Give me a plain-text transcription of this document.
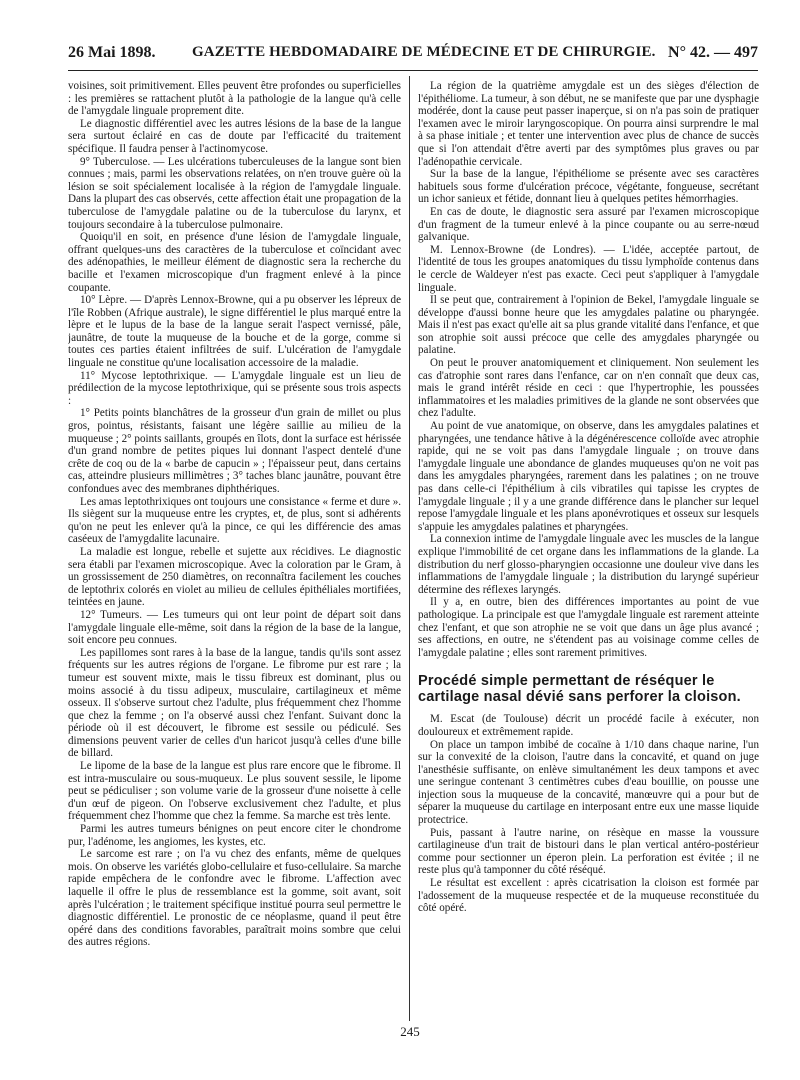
26 Mai 1898. GAZETTE HEBDOMADAIRE DE MÉDECINE ET DE CHIRURGIE. N° 42. — 497

voisines, soit primitivement. Elles peuvent être profondes ou superficielles : les premières se rattachent plutôt à la pathologie de la langue qu'à celle de l'amygdale linguale proprement dite.

Le diagnostic différentiel avec les autres lésions de la base de la langue sera surtout éclairé en cas de doute par l'efficacité du traitement spécifique. Il faudra penser à l'actinomycose.

9° Tuberculose. — Les ulcérations tuberculeuses de la langue sont bien connues ; mais, parmi les observations relatées, on n'en trouve guère où la lésion se soit spécialement localisée à la région de l'amygdale linguale. Dans la plupart des cas observés, cette affection était une propagation de la tuberculose de l'amygdale palatine ou de la tuberculose du larynx, et toujours secondaire à la tuberculose pulmonaire.

Quoiqu'il en soit, en présence d'une lésion de l'amygdale linguale, offrant quelques-uns des caractères de la tuberculose et coïncidant avec des adénopathies, le meilleur élément de diagnostic sera la recherche du bacille et l'examen microscopique d'un fragment enlevé à la pince coupante.

10° Lèpre. — D'après Lennox-Browne, qui a pu observer les lépreux de l'île Robben (Afrique australe), le signe différentiel le plus marqué entre la lèpre et le lupus de la base de la langue serait l'aspect vernissé, pâle, jaunâtre, de toute la muqueuse de la bouche et de la gorge, comme si toutes ces parties étaient infiltrées de suif. L'ulcération de l'amygdale linguale ne constitue qu'une localisation accessoire de la maladie.

11° Mycose leptothrixique. — L'amygdale linguale est un lieu de prédilection de la mycose leptothrixique, qui se présente sous trois aspects :

1° Petits points blanchâtres de la grosseur d'un grain de millet ou plus gros, pointus, résistants, faisant une légère saillie au milieu de la muqueuse ; 2° points saillants, groupés en îlots, dont la surface est hérissée d'un grand nombre de petites piques lui donnant l'aspect dentelé d'une crête de coq ou de la « barbe de capucin » ; l'épaisseur peut, dans certains cas, atteindre plusieurs millimètres ; 3° taches blanc jaunâtre, pouvant être confondues avec des membranes diphthériques.

Les amas leptothrixiques ont toujours une consistance « ferme et dure ». Ils siègent sur la muqueuse entre les cryptes, et, de plus, sont si adhérents qu'on ne peut les enlever qu'à la pince, ce qui les différencie des amas caséeux de l'amygdalite lacunaire.

La maladie est longue, rebelle et sujette aux récidives. Le diagnostic sera établi par l'examen microscopique. Avec la coloration par le Gram, à un grossissement de 250 diamètres, on reconnaîtra facilement les couches de leptothrix colorés en violet au milieu de cellules épithéliales mortifiées, teintées en jaune.

12° Tumeurs. — Les tumeurs qui ont leur point de départ soit dans l'amygdale linguale elle-même, soit dans la région de la base de la langue, soit encore peu connues.

Les papillomes sont rares à la base de la langue, tandis qu'ils sont assez fréquents sur les autres régions de l'organe. Le fibrome pur est rare ; la tumeur est souvent mixte, mais le tissu fibreux est dominant, plus ou moins associé à du tissu adipeux, musculaire, cartilagineux et même osseux. Il s'observe surtout chez l'adulte, plus fréquemment chez l'homme que chez la femme ; on l'a observé aussi chez l'enfant. Suivant donc la période où il est découvert, le fibrome est sessile ou pédiculé. Ses dimensions peuvent varier de celles d'un haricot jusqu'à celles d'une bille de billard.

Le lipome de la base de la langue est plus rare encore que le fibrome. Il est intra-musculaire ou sous-muqueux. Le plus souvent sessile, le lipome peut se pédiculiser ; son volume varie de la grosseur d'une noisette à celle d'un œuf de pigeon. On l'observe exclusivement chez l'adulte, et plus fréquemment chez l'homme que chez la femme. Sa marche est très lente.

Parmi les autres tumeurs bénignes on peut encore citer le chondrome pur, l'adénome, les angiomes, les kystes, etc.

Le sarcome est rare ; on l'a vu chez des enfants, même de quelques mois. On observe les variétés globo-cellulaire et fuso-cellulaire. Sa marche rapide empêchera de le confondre avec le fibrome. L'affection avec laquelle il offre le plus de ressemblance est la gomme, soit avant, soit après l'ulcération ; le traitement spécifique institué pourra seul permettre le diagnostic différentiel. Le pronostic de ce néoplasme, quand il peut être opéré dans des conditions favorables, paraîtrait moins sombre que celui des autres régions.

La région de la quatrième amygdale est un des sièges d'élection de l'épithéliome. La tumeur, à son début, ne se manifeste que par une dysphagie modérée, dont la cause peut passer inaperçue, si on n'a pas soin de pratiquer l'examen avec le miroir laryngoscopique. On pourra ainsi surprendre le mal à sa phase initiale ; et tenter une intervention avec plus de chance de succès que si l'on attendait d'être averti par des symptômes plus graves ou par l'adénopathie cervicale.

Sur la base de la langue, l'épithéliome se présente avec ses caractères habituels sous forme d'ulcération précoce, végétante, fongueuse, secrétant un ichor sanieux et fétide, donnant lieu à quelques petites hémorrhagies.

En cas de doute, le diagnostic sera assuré par l'examen microscopique d'un fragment de la tumeur enlevé à la pince coupante ou au serre-nœud galvanique.

M. Lennox-Browne (de Londres). — L'idée, acceptée partout, de l'identité de tous les groupes anatomiques du tissu lymphoïde contenus dans le cercle de Waldeyer n'est pas exacte. Ceci peut s'appliquer à l'amygdale linguale.

Il se peut que, contrairement à l'opinion de Bekel, l'amygdale linguale se développe d'aussi bonne heure que les amygdales palatine ou pharyngée. Mais il n'est pas exact qu'elle ait sa plus grande vitalité dans l'enfance, et que son atrophie soit aussi précoce que celle des amygdales pharyngée ou palatine.

On peut le prouver anatomiquement et cliniquement. Non seulement les cas d'atrophie sont rares dans l'enfance, car on n'en connaît que deux cas, mais le grand intérêt réside en ceci : que l'hypertrophie, les poussées inflammatoires et les maladies primitives de la glande ne sont observées que chez l'adulte.

Au point de vue anatomique, on observe, dans les amygdales palatines et pharyngées, une tendance hâtive à la dégénérescence colloïde avec atrophie rapide, qui ne se voit pas dans l'amygdale linguale ; on trouve dans l'amygdale linguale une abondance de glandes muqueuses qu'on ne voit pas dans les amygdales pharyngées, rarement dans les palatines ; on ne trouve pas dans celle-ci l'épithélium à cils vibratiles qui tapisse les cryptes de l'amygdale linguale ; il y a une grande différence dans le plancher sur lequel repose l'amygdale linguale et les plans aponévrotiques et osseux sur lesquels s'appuie les amygdales palatines et pharyngées.

La connexion intime de l'amygdale linguale avec les muscles de la langue explique l'immobilité de cet organe dans les inflammations de la glande. La distribution du nerf glosso-pharyngien occasionne une douleur vive dans les inflammations de l'amygdale linguale ; la distribution du laryngé supérieur détermine des réflexes laryngés.

Il y a, en outre, bien des différences importantes au point de vue pathologique. La principale est que l'amygdale linguale est rarement atteinte chez l'enfant, et que son atrophie ne se voit que dans un âge plus avancé ; ses affections, en outre, ne s'étendent pas au voisinage comme celles de l'amygdale palatine ; elles sont rarement primitives.

Procédé simple permettant de réséquer le cartilage nasal dévié sans perforer la cloison.

M. Escat (de Toulouse) décrit un procédé facile à exécuter, non douloureux et extrêmement rapide.

On place un tampon imbibé de cocaïne à 1/10 dans chaque narine, l'un sur la convexité de la cloison, l'autre dans la concavité, et quand on juge l'anesthésie suffisante, on enlève simultanément les deux tampons et avec une seringue contenant 3 centimètres cubes d'eau bouillie, on pousse une injection sous la muqueuse de la concavité, manœuvre qui a pour but de séparer la muqueuse du cartilage en interposant entre eux une masse liquide protectrice.

Puis, passant à l'autre narine, on résèque en masse la voussure cartilagineuse d'un trait de bistouri dans le plan vertical antéro-postérieur comme pour sectionner un éperon plein. La perforation est évitée ; il ne reste plus qu'à tamponner du côté réséqué.

Le résultat est excellent : après cicatrisation la cloison est formée par l'adossement de la muqueuse respectée et de la muqueuse reconstituée du côté opéré.

245
